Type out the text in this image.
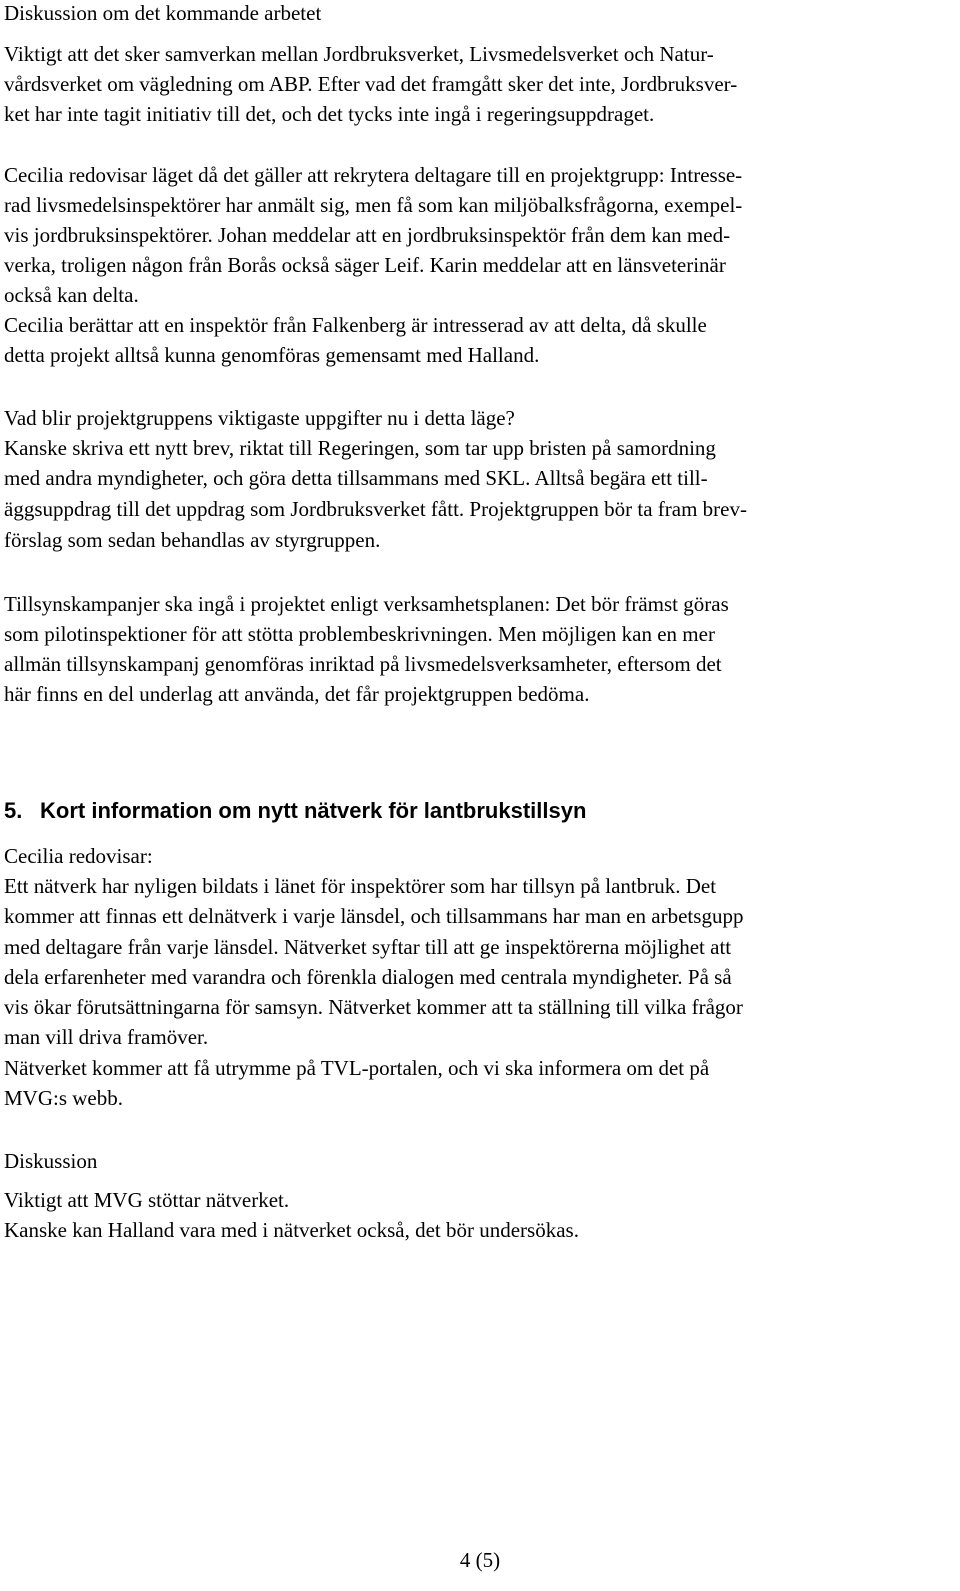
Diskussion om det kommande arbetet

Viktigt att det sker samverkan mellan Jordbruksverket, Livsmedelsverket och Natur-

vårdsverket om vägledning om ABP. Efter vad det framgått sker det inte, Jordbruksver-

ket har inte tagit initiativ till det, och det tycks inte ingå i regeringsuppdraget.

Cecilia redovisar läget då det gäller att rekrytera deltagare till en projektgrupp: Intresse-

rad livsmedelsinspektörer har anmält sig, men få som kan miljöbalksfrågorna, exempel-

vis jordbruksinspektörer. Johan meddelar att en jordbruksinspektör från dem kan med-

verka, troligen någon från Borås också säger Leif. Karin meddelar att en länsveterinär

också kan delta.

Cecilia berättar att en inspektör från Falkenberg är intresserad av att delta, då skulle

detta projekt alltså kunna genomföras gemensamt med Halland.

Vad blir projektgruppens viktigaste uppgifter nu i detta läge?

Kanske skriva ett nytt brev, riktat till Regeringen, som tar upp bristen på samordning

med andra myndigheter, och göra detta tillsammans med SKL. Alltså begära ett till-

äggsuppdrag till det uppdrag som Jordbruksverket fått. Projektgruppen bör ta fram brev-

förslag som sedan behandlas av styrgruppen.

Tillsynskampanjer ska ingå i projektet enligt verksamhetsplanen: Det bör främst göras

som pilotinspektioner för att stötta problembeskrivningen. Men möjligen kan en mer

allmän tillsynskampanj genomföras inriktad på livsmedelsverksamheter, eftersom det

här finns en del underlag att använda, det får projektgruppen bedöma.

5. Kort information om nytt nätverk för lantbrukstillsyn

Cecilia redovisar:

Ett nätverk har nyligen bildats i länet för inspektörer som har tillsyn på lantbruk. Det

kommer att finnas ett delnätverk i varje länsdel, och tillsammans har man en arbetsgupp

med deltagare från varje länsdel. Nätverket syftar till att ge inspektörerna möjlighet att

dela erfarenheter med varandra och förenkla dialogen med centrala myndigheter. På så

vis ökar förutsättningarna för samsyn. Nätverket kommer att ta ställning till vilka frågor

man vill driva framöver.

Nätverket kommer att få utrymme på TVL-portalen, och vi ska informera om det på

MVG:s webb.

Diskussion

Viktigt att MVG stöttar nätverket.

Kanske kan Halland vara med i nätverket också, det bör undersökas.

4 (5)
